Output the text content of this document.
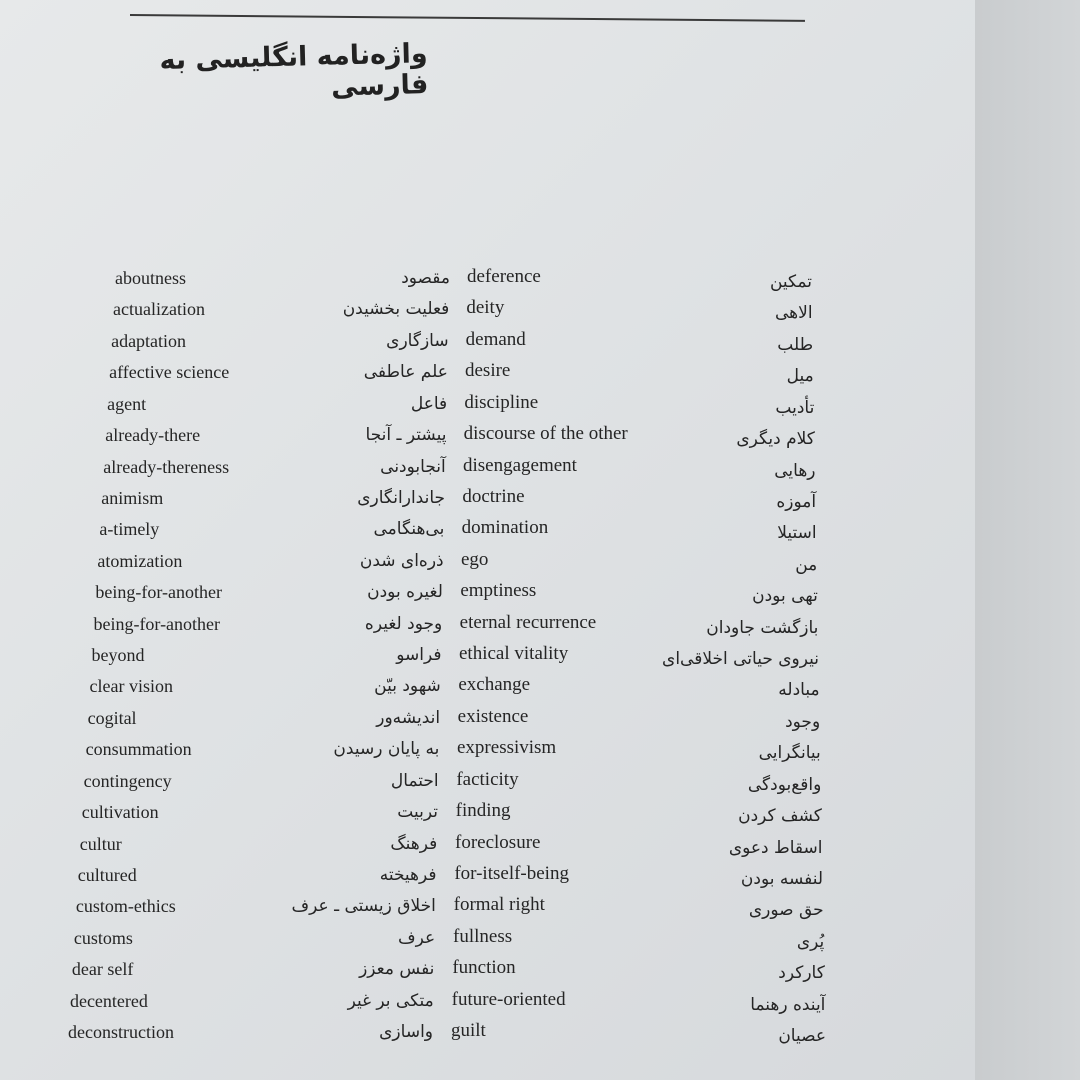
واژه‌نامه انگلیسی به فارسی
aboutness	مقصود deference	تمکین
actualization	فعلیت بخشیدن deity	الاهی
adaptation	سازگاری demand	طلب
affective science	علم عاطفی desire	میل
agent	فاعل discipline	تأدیب
already-there	پیشتر ـ آنجا discourse of the other	کلام دیگری
already-thereness	آنجابودنی disengagement	رهایی
animism	جاندارانگاری doctrine	آموزه
a-timely	بی‌هنگامی domination	استیلا
atomization	ذره‌ای شدن ego	من
being-for-another	لغیره بودن emptiness	تهی بودن
being-for-another	وجود لغیره eternal recurrence	بازگشت جاودان
beyond	فراسو ethical vitality	نیروی حیاتی اخلاقی‌ای
clear vision	شهود بیّن exchange	مبادله
cogital	اندیشه‌ور existence	وجود
consummation	به پایان رسیدن expressivism	بیانگرایی
contingency	احتمال facticity	واقع‌بودگی
cultivation	تربیت finding	کشف کردن
cultur	فرهنگ foreclosure	اسقاط دعوی
cultured	فرهیخته for-itself-being	لنفسه بودن
custom-ethics	اخلاق زیستی ـ عرف formal right	حق صوری
customs	عرف fullness	پُری
dear self	نفس معزز function	کارکرد
decentered	متکی بر غیر future-oriented	آینده رهنما
deconstruction	واسازی guilt	عصیان
